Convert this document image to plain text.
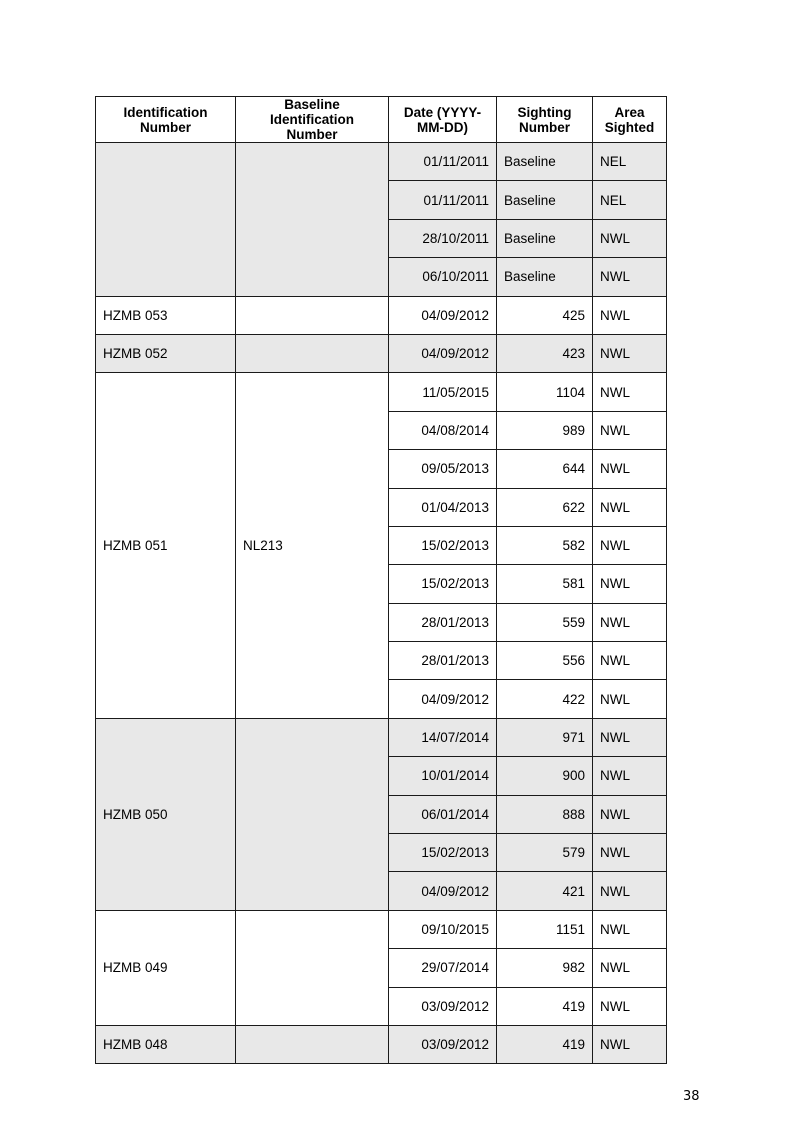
Identification Number	Baseline Identification Number	Date (YYYY-MM-DD)	Sighting Number	Area Sighted
		01/11/2011	Baseline	NEL
		01/11/2011	Baseline	NEL
		28/10/2011	Baseline	NWL
		06/10/2011	Baseline	NWL
HZMB 053		04/09/2012	425	NWL
HZMB 052		04/09/2012	423	NWL
HZMB 051	NL213	11/05/2015	1104	NWL
		04/08/2014	989	NWL
		09/05/2013	644	NWL
		01/04/2013	622	NWL
		15/02/2013	582	NWL
		15/02/2013	581	NWL
		28/01/2013	559	NWL
		28/01/2013	556	NWL
		04/09/2012	422	NWL
HZMB 050		14/07/2014	971	NWL
		10/01/2014	900	NWL
		06/01/2014	888	NWL
		15/02/2013	579	NWL
		04/09/2012	421	NWL
HZMB 049		09/10/2015	1151	NWL
		29/07/2014	982	NWL
		03/09/2012	419	NWL
HZMB 048		03/09/2012	419	NWL
38
